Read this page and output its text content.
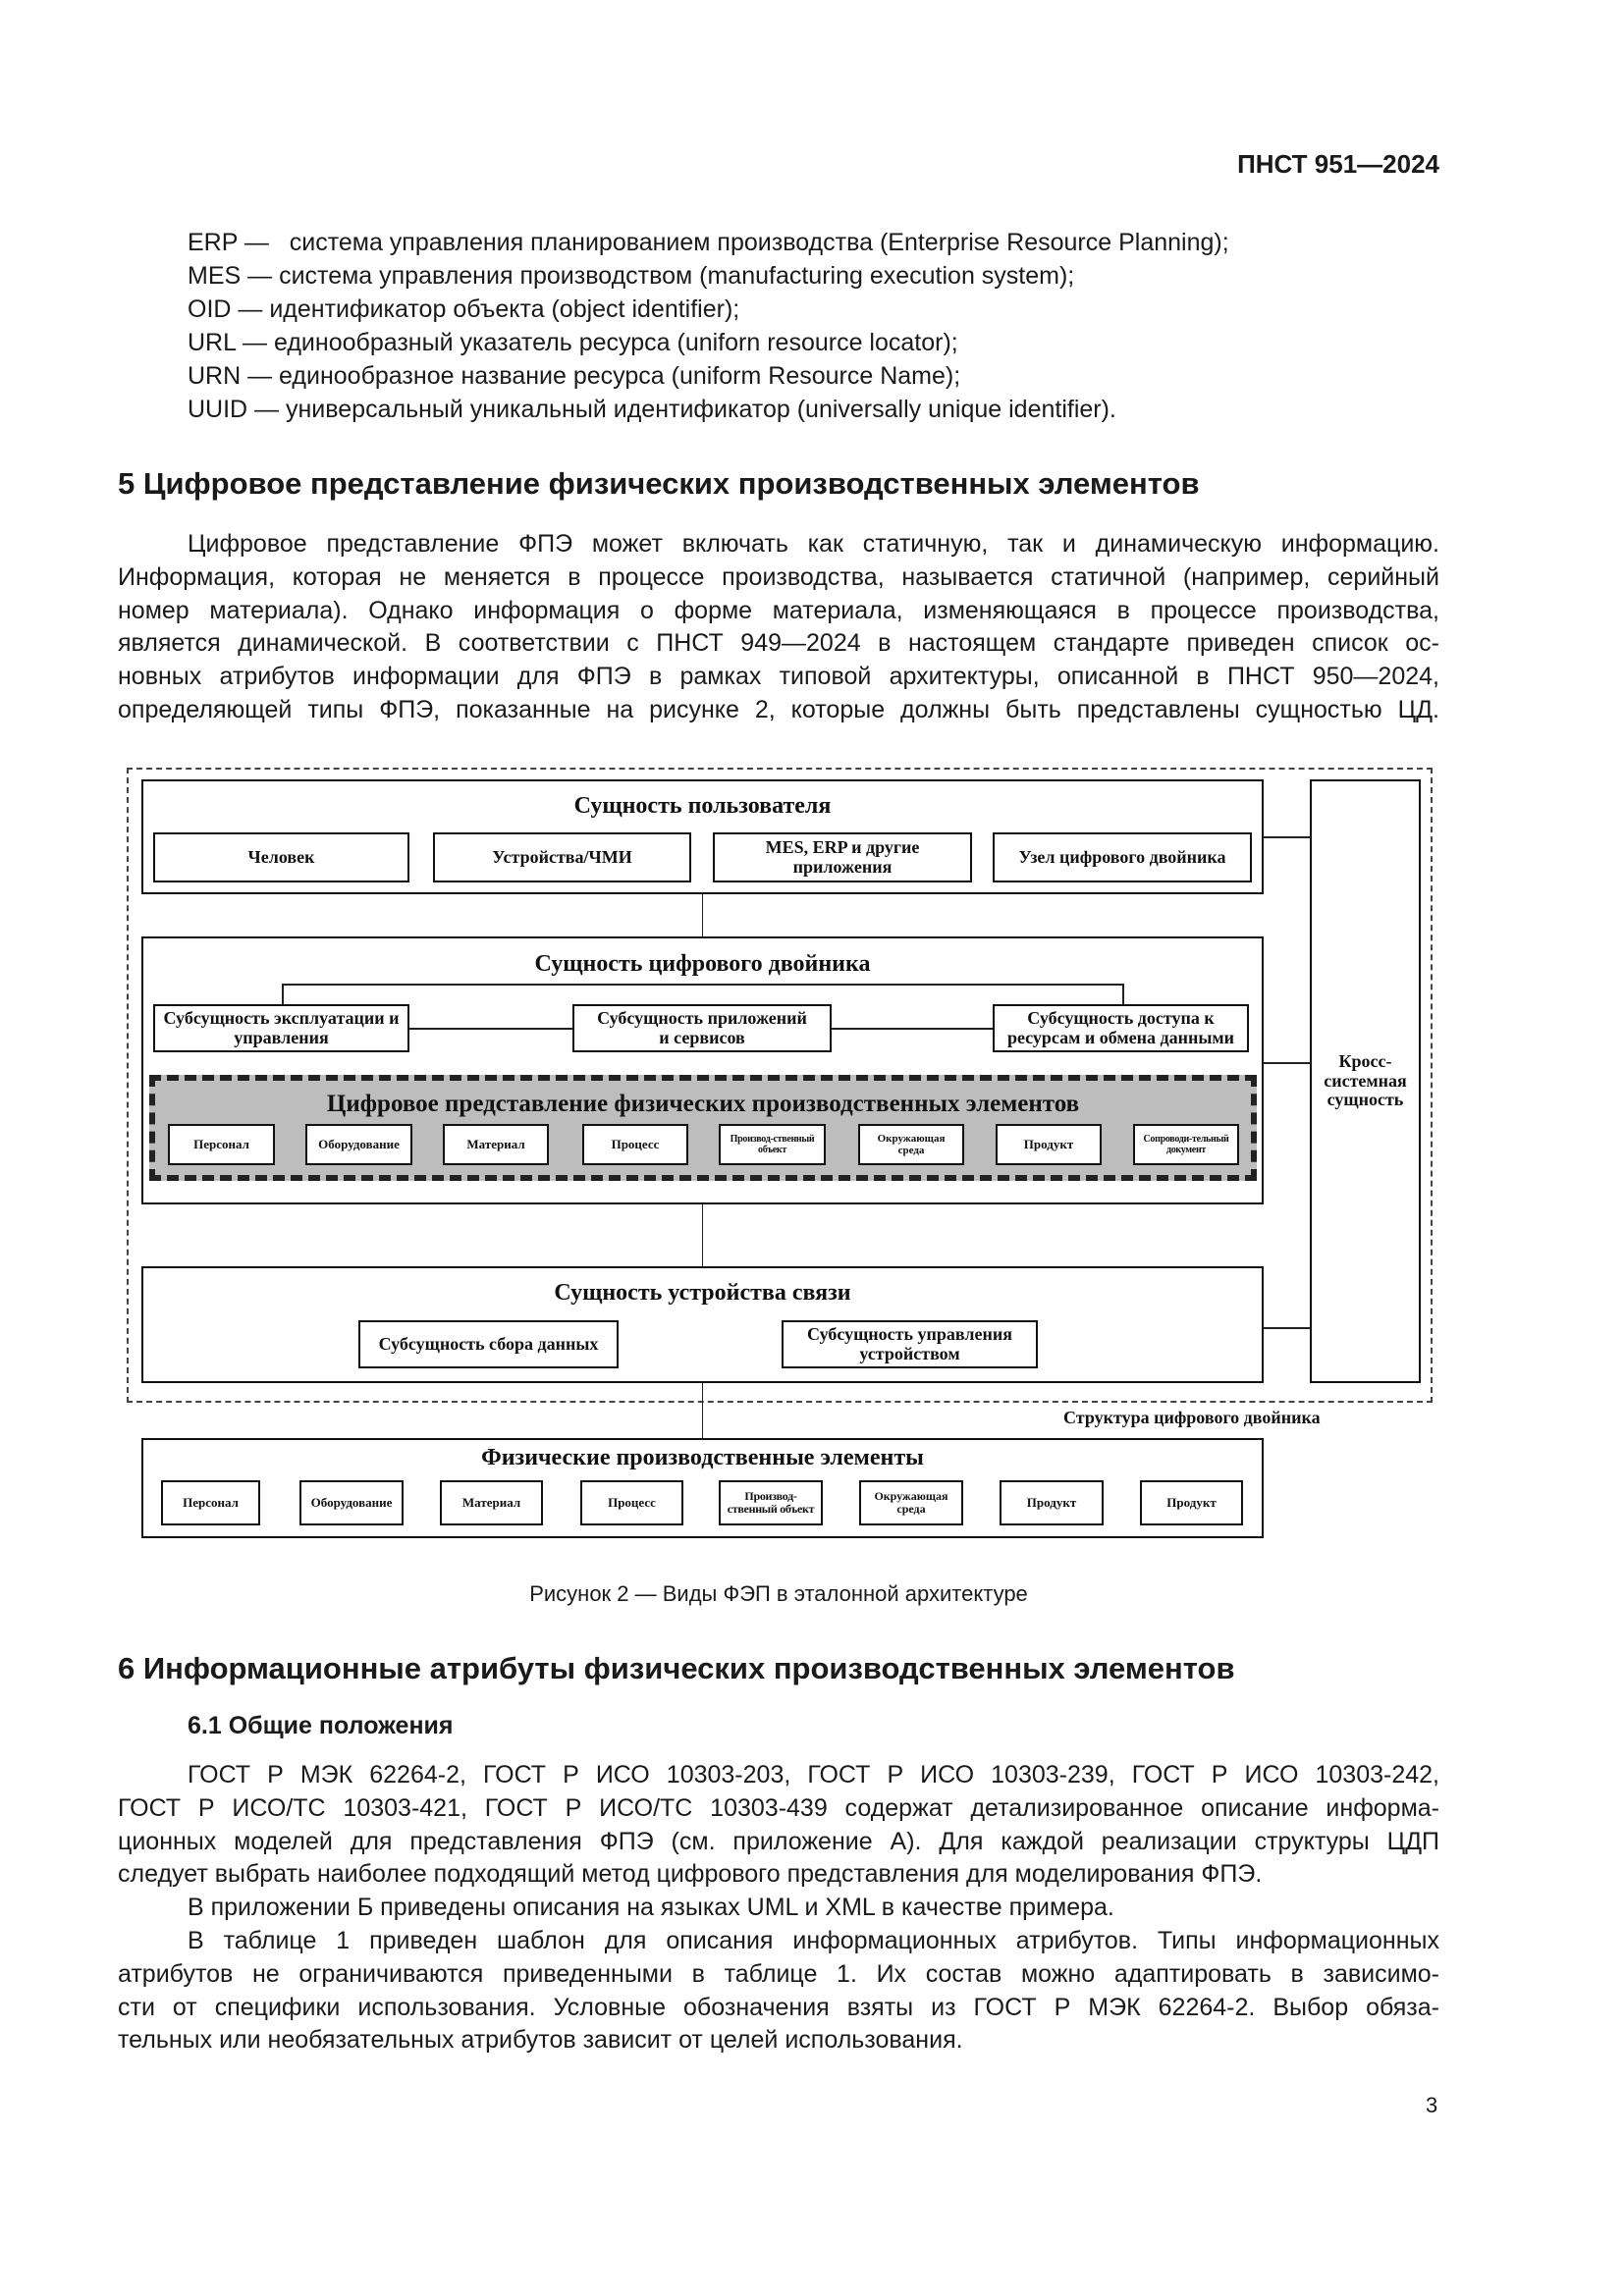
ПНСТ 951—2024
ERP —   система управления планированием производства (Enterprise Resource Planning);
MES — система управления производством (manufacturing execution system);
OID — идентификатор объекта (object identifier);
URL — единообразный указатель ресурса (uniforn resource locator);
URN — единообразное название ресурса (uniform Resource Name);
UUID — универсальный уникальный идентификатор (universally unique identifier).
5 Цифровое представление физических производственных элементов
Цифровое представление ФПЭ может включать как статичную, так и динамическую информацию.
Информация, которая не меняется в процессе производства, называется статичной (например, серийный
номер материала). Однако информация о форме материала, изменяющаяся в процессе производства,
является динамической. В соответствии с ПНСТ 949—2024 в настоящем стандарте приведен список ос-
новных атрибутов информации для ФПЭ в рамках типовой архитектуры, описанной в ПНСТ 950—2024,
определяющей типы ФПЭ, показанные на рисунке 2, которые должны быть представлены сущностью ЦД.
Сущность пользователя
Человек	Устройства/ЧМИ	MES, ERP и другие приложения	Узел цифрового двойника
Сущность цифрового двойника
Субсущность эксплуатации и управления
Субсущность приложений и сервисов
Субсущность доступа к ресурсам и обмена данными
Цифровое представление физических производственных элементов
Персонал	Оборудование	Материал	Процесс	Производ-ственный объект
Окружающая среда	Продукт	Сопроводи-тельный документ
Сущность устройства связи
Субсущность сбора данных	Субсущность управления устройством
Кросс-системная сущность
Структура цифрового двойника
Физические производственные элементы
Персонал	Оборудование	Материал	Процесс	Производ-ственный объект
Окружающая среда	Продукт	Продукт
Рисунок 2 — Виды ФЭП в эталонной архитектуре
6 Информационные атрибуты физических производственных элементов
6.1 Общие положения
ГОСТ Р МЭК 62264-2, ГОСТ Р ИСО 10303-203, ГОСТ Р ИСО 10303-239, ГОСТ Р ИСО 10303-242,
ГОСТ Р ИСО/ТС 10303-421, ГОСТ Р ИСО/ТС 10303-439 содержат детализированное описание информа-
ционных моделей для представления ФПЭ (см. приложение А). Для каждой реализации структуры ЦДП
следует выбрать наиболее подходящий метод цифрового представления для моделирования ФПЭ.
В приложении Б приведены описания на языках UML и XML в качестве примера.
В таблице 1 приведен шаблон для описания информационных атрибутов. Типы информационных
атрибутов не ограничиваются приведенными в таблице 1. Их состав можно адаптировать в зависимо-
сти от специфики использования. Условные обозначения взяты из ГОСТ Р МЭК 62264-2. Выбор обяза-
тельных или необязательных атрибутов зависит от целей использования.
3
